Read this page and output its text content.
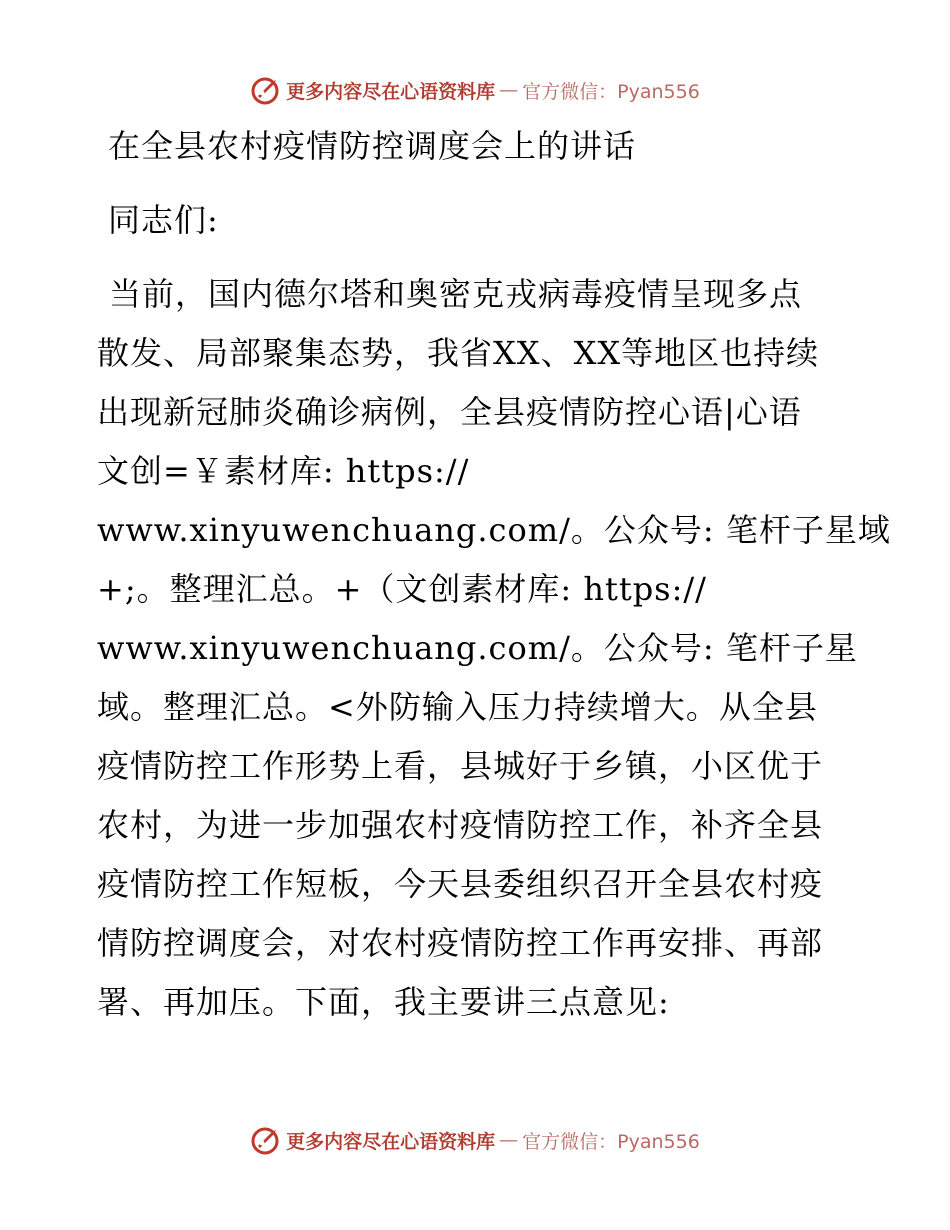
更多内容尽在心语资料库 — 官方微信：Pyan556
在全县农村疫情防控调度会上的讲话
同志们:
当前，国内德尔塔和奥密克戎病毒疫情呈现多点
散发、局部聚集态势，我省XX、XX等地区也持续
出现新冠肺炎确诊病例，全县疫情防控心语|心语
文创=￥素材库: https://
www.xinyuwenchuang.com/。公众号: 笔杆子星域
+;。整理汇总。+（文创素材库: https://
www.xinyuwenchuang.com/。公众号: 笔杆子星
域。整理汇总。<外防输入压力持续增大。从全县
疫情防控工作形势上看，县城好于乡镇，小区优于
农村，为进一步加强农村疫情防控工作，补齐全县
疫情防控工作短板，今天县委组织召开全县农村疫
情防控调度会，对农村疫情防控工作再安排、再部
署、再加压。下面，我主要讲三点意见:
更多内容尽在心语资料库 — 官方微信：Pyan556
